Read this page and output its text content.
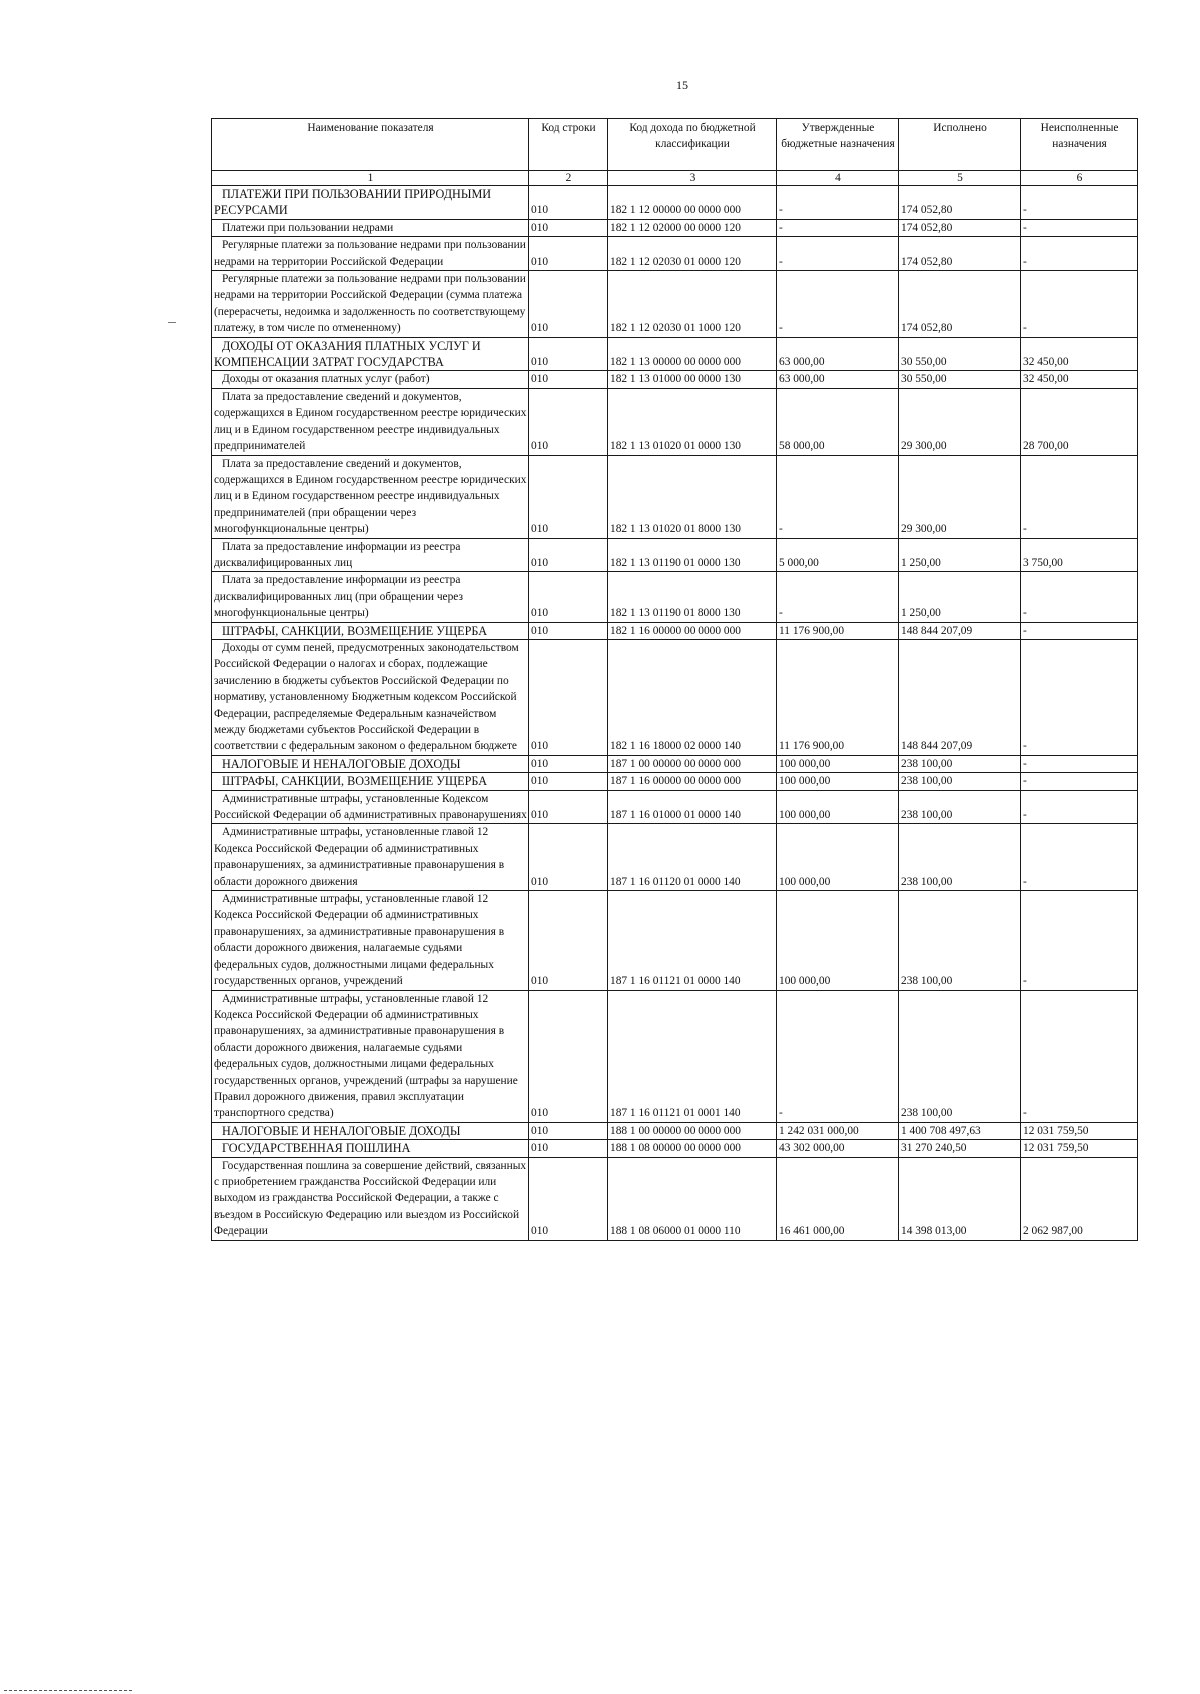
15
Наименование показателя	Код строки	Код дохода по бюджетной классификации	Утвержденные бюджетные назначения	Исполнено	Неисполненные назначения
1	2	3	4	5	6
ПЛАТЕЖИ ПРИ ПОЛЬЗОВАНИИ ПРИРОДНЫМИ РЕСУРСАМИ	010	182 1 12 00000 00 0000 000	-	174 052,80	-
Платежи при пользовании недрами	010	182 1 12 02000 00 0000 120	-	174 052,80	-
Регулярные платежи за пользование недрами при пользовании недрами на территории Российской Федерации	010	182 1 12 02030 01 0000 120	-	174 052,80	-
Регулярные платежи за пользование недрами при пользовании недрами на территории Российской Федерации (сумма платежа (перерасчеты, недоимка и задолженность по соответствующему платежу, в том числе по отмененному)	010	182 1 12 02030 01 1000 120	-	174 052,80	-
ДОХОДЫ ОТ ОКАЗАНИЯ ПЛАТНЫХ УСЛУГ И КОМПЕНСАЦИИ ЗАТРАТ ГОСУДАРСТВА	010	182 1 13 00000 00 0000 000	63 000,00	30 550,00	32 450,00
Доходы от оказания платных услуг (работ)	010	182 1 13 01000 00 0000 130	63 000,00	30 550,00	32 450,00
Плата за предоставление сведений и документов, содержащихся в Едином государственном реестре юридических лиц и в Едином государственном реестре индивидуальных предпринимателей	010	182 1 13 01020 01 0000 130	58 000,00	29 300,00	28 700,00
Плата за предоставление сведений и документов, содержащихся в Едином государственном реестре юридических лиц и в Едином государственном реестре индивидуальных предпринимателей (при обращении через многофункциональные центры)	010	182 1 13 01020 01 8000 130	-	29 300,00	-
Плата за предоставление информации из реестра дисквалифицированных лиц	010	182 1 13 01190 01 0000 130	5 000,00	1 250,00	3 750,00
Плата за предоставление информации из реестра дисквалифицированных лиц (при обращении через многофункциональные центры)	010	182 1 13 01190 01 8000 130	-	1 250,00	-
ШТРАФЫ, САНКЦИИ, ВОЗМЕЩЕНИЕ УЩЕРБА	010	182 1 16 00000 00 0000 000	11 176 900,00	148 844 207,09	-
Доходы от сумм пеней, предусмотренных законодательством Российской Федерации о налогах и сборах, подлежащие зачислению в бюджеты субъектов Российской Федерации по нормативу, установленному Бюджетным кодексом Российской Федерации, распределяемые Федеральным казначейством между бюджетами субъектов Российской Федерации в соответствии с федеральным законом о федеральном бюджете	010	182 1 16 18000 02 0000 140	11 176 900,00	148 844 207,09	-
НАЛОГОВЫЕ И НЕНАЛОГОВЫЕ ДОХОДЫ	010	187 1 00 00000 00 0000 000	100 000,00	238 100,00	-
ШТРАФЫ, САНКЦИИ, ВОЗМЕЩЕНИЕ УЩЕРБА	010	187 1 16 00000 00 0000 000	100 000,00	238 100,00	-
Административные штрафы, установленные Кодексом Российской Федерации об административных правонарушениях	010	187 1 16 01000 01 0000 140	100 000,00	238 100,00	-
Административные штрафы, установленные главой 12 Кодекса Российской Федерации об административных правонарушениях, за административные правонарушения в области дорожного движения	010	187 1 16 01120 01 0000 140	100 000,00	238 100,00	-
Административные штрафы, установленные главой 12 Кодекса Российской Федерации об административных правонарушениях, за административные правонарушения в области дорожного движения, налагаемые судьями федеральных судов, должностными лицами федеральных государственных органов, учреждений	010	187 1 16 01121 01 0000 140	100 000,00	238 100,00	-
Административные штрафы, установленные главой 12 Кодекса Российской Федерации об административных правонарушениях, за административные правонарушения в области дорожного движения, налагаемые судьями федеральных судов, должностными лицами федеральных государственных органов, учреждений (штрафы за нарушение Правил дорожного движения, правил эксплуатации транспортного средства)	010	187 1 16 01121 01 0001 140	-	238 100,00	-
НАЛОГОВЫЕ И НЕНАЛОГОВЫЕ ДОХОДЫ	010	188 1 00 00000 00 0000 000	1 242 031 000,00	1 400 708 497,63	12 031 759,50
ГОСУДАРСТВЕННАЯ ПОШЛИНА	010	188 1 08 00000 00 0000 000	43 302 000,00	31 270 240,50	12 031 759,50
Государственная пошлина за совершение действий, связанных с приобретением гражданства Российской Федерации или выходом из гражданства Российской Федерации, а также с въездом в Российскую Федерацию или выездом из Российской Федерации	010	188 1 08 06000 01 0000 110	16 461 000,00	14 398 013,00	2 062 987,00
